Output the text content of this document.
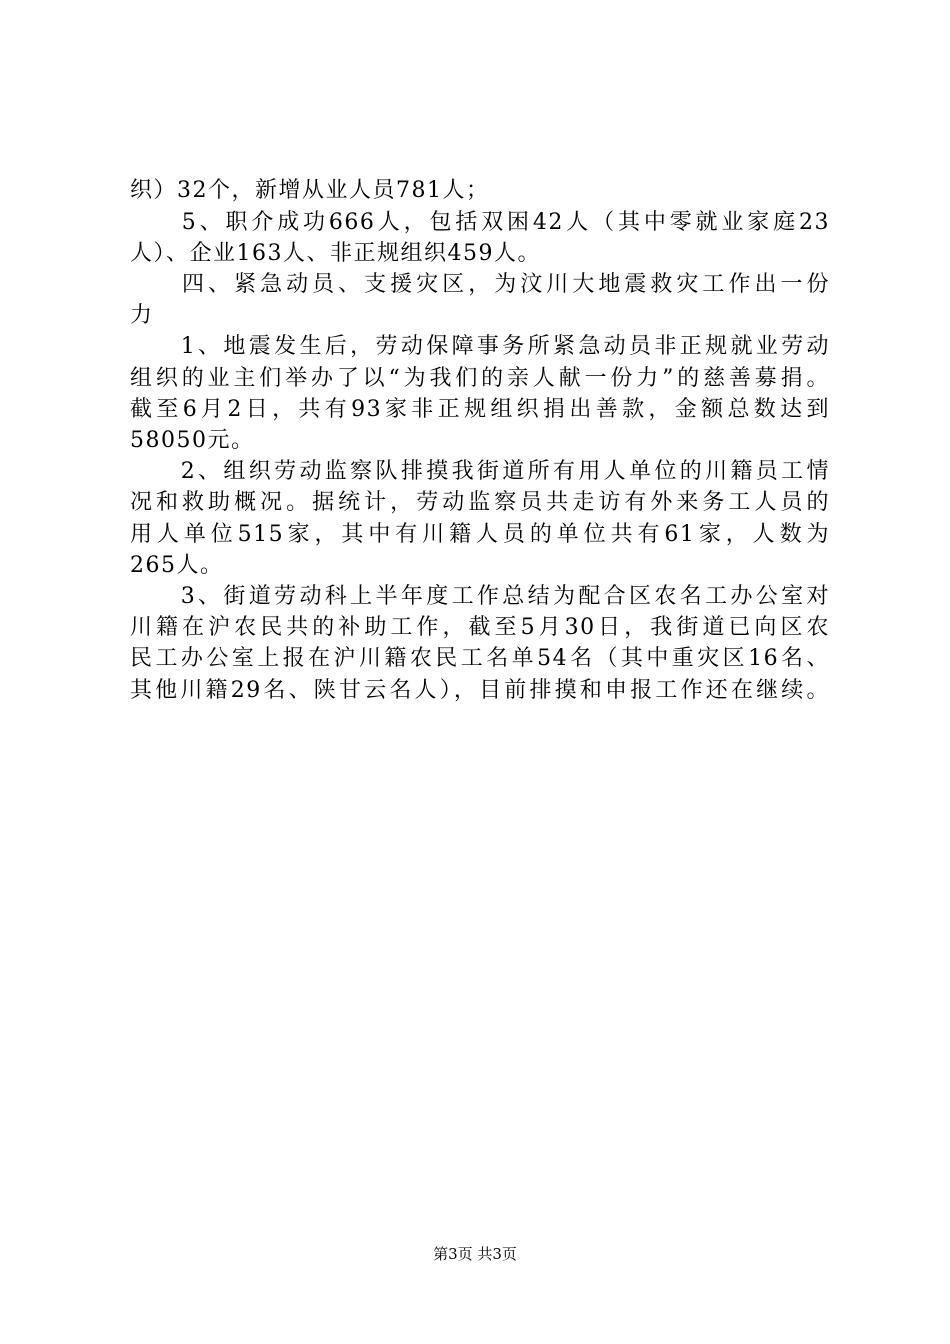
织）32个，新增从业人员781人；
　　5、职介成功666人，包括双困42人（其中零就业家庭23
人）、企业163人、非正规组织459人。
　　四、紧急动员、支援灾区，为汶川大地震救灾工作出一份
力
　　1、地震发生后，劳动保障事务所紧急动员非正规就业劳动
组织的业主们举办了以“为我们的亲人献一份力”的慈善募捐。
截至6月2日，共有93家非正规组织捐出善款，金额总数达到
58050元。
　　2、组织劳动监察队排摸我街道所有用人单位的川籍员工情
况和救助概况。据统计，劳动监察员共走访有外来务工人员的
用人单位515家，其中有川籍人员的单位共有61家，人数为
265人。
　　3、街道劳动科上半年度工作总结为配合区农名工办公室对
川籍在沪农民共的补助工作，截至5月30日，我街道已向区农
民工办公室上报在沪川籍农民工名单54名（其中重灾区16名、
其他川籍29名、陕甘云名人），目前排摸和申报工作还在继续。
第3页 共3页
